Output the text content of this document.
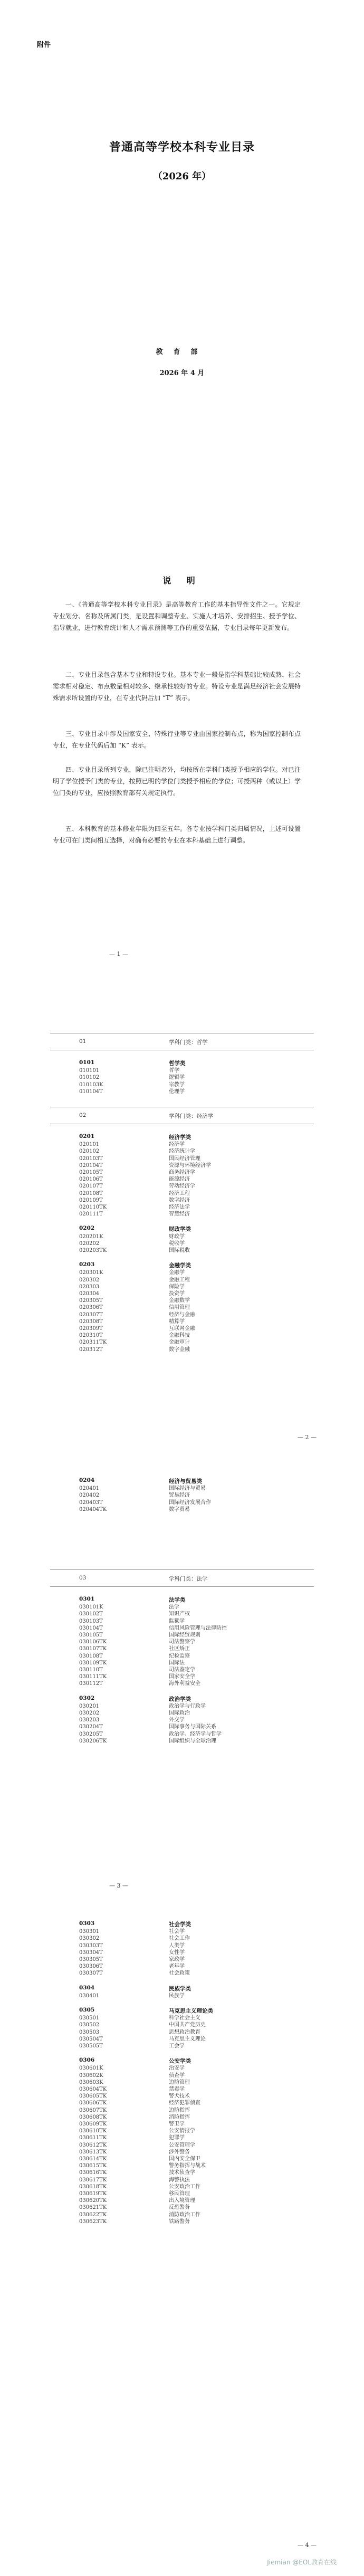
附件
普通高等学校本科专业目录
（2026 年）
教育部
2026 年 4 月
说 明
一、《普通高等学校本科专业目录》是高等教育工作的基本指导性文件之一。它规定专业划分、名称及所属门类，是设置和调整专业、实施人才培养、安排招生、授予学位、指导就业，进行教育统计和人才需求预测等工作的重要依据，专业目录每年更新发布。
二、专业目录包含基本专业和特设专业。基本专业一般是指学科基础比较成熟、社会需求相对稳定、布点数量相对较多、继承性较好的专业。特设专业是满足经济社会发展特殊需求所设置的专业，在专业代码后加 “T” 表示。
三、专业目录中涉及国家安全、特殊行业等专业由国家控制布点，称为国家控制布点专业，在专业代码后加 “K” 表示。
四、专业目录所列专业，除已注明者外，均按所在学科门类授予相应的学位。对已注明了学位授予门类的专业，按照已明的学位门类授予相应的学位；可授两种（或以上）学位门类的专业，应按照教育部有关规定执行。
五、本科教育的基本修业年限为四至五年。各专业按学科门类归属情况，上述可设置专业可在门类间相互选择，对确有必要的专业在本科基础上进行调整。
— 1 —
01	学科门类：哲学
0101	哲学类
010101	哲学
010102	逻辑学
010103K	宗教学
010104T	伦理学
02	学科门类：经济学
0201	经济学类
020101	经济学
020102	经济统计学
020103T	国民经济管理
020104T	资源与环境经济学
020105T	商务经济学
020106T	能源经济
020107T	劳动经济学
020108T	经济工程
020109T	数字经济
020110TK	经济法学
020111T	智慧经济
0202	财政学类
020201K	财政学
020202	税收学
020203TK	国际税收
0203	金融学类
020301K	金融学
020302	金融工程
020303	保险学
020304	投资学
020305T	金融数学
020306T	信用管理
020307T	经济与金融
020308T	精算学
020309T	互联网金融
020310T	金融科技
020311TK	金融审计
020312T	数字金融
0204	经济与贸易类
020401	国际经济与贸易
020402	贸易经济
020403T	国际经济发展合作
020404TK	数字贸易
03	学科门类：法学
0301	法学类
030101K	法学
030102T	知识产权
030103T	监狱学
030104T	信用风险管理与法律防控
030105T	国际经贸规则
030106TK	司法警察学
030107TK	社区矫正
030108T	纪检监察
030109TK	国际法
030110T	司法鉴定学
030111TK	国家安全学
030112T	海外利益安全
0302	政治学类
030201	政治学与行政学
030202	国际政治
030203	外交学
030204T	国际事务与国际关系
030205T	政治学、经济学与哲学
030206TK	国际组织与全球治理
0303	社会学类
030301	社会学
030302	社会工作
030303T	人类学
030304T	女性学
030305T	家政学
030306T	老年学
030307T	社会政策
0304	民族学类
030401	民族学
0305	马克思主义理论类
030501	科学社会主义
030502	中国共产党历史
030503	思想政治教育
030504T	马克思主义理论
030505T	工会学
0306	公安学类
030601K	治安学
030602K	侦查学
030603K	边防管理
030604TK	禁毒学
030605TK	警犬技术
030606TK	经济犯罪侦查
030607TK	边防指挥
030608TK	消防指挥
030609TK	警卫学
030610TK	公安情报学
030611TK	犯罪学
030612TK	公安管理学
030613TK	涉外警务
030614TK	国内安全保卫
030615TK	警务指挥与战术
030616TK	技术侦查学
030617TK	海警执法
030618TK	公安政治工作
030619TK	移民管理
030620TK	出入境管理
030621TK	反恐警务
030622TK	消防政治工作
030623TK	铁路警务
— 2 —
— 3 —
— 4 —
Jiemian @EOL教育在线
